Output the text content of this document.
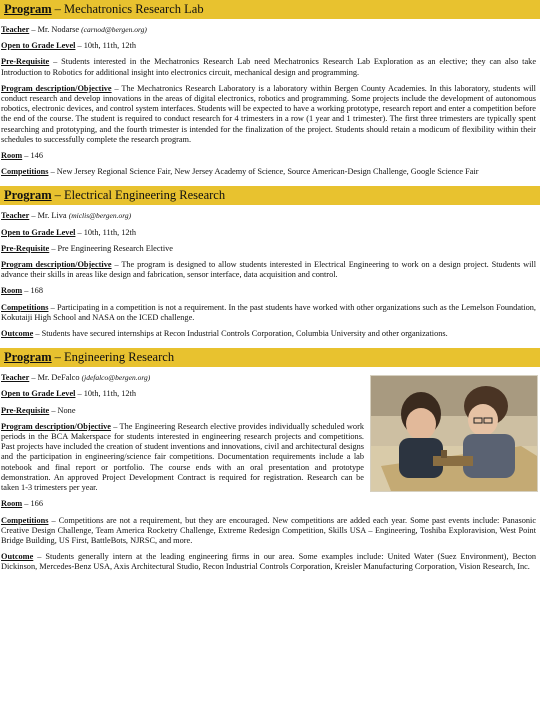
Program –
Mechatronics Research Lab

Teacher – Mr. Nodarse (carnod@bergen.org)

Open to Grade Level – 10th, 11th, 12th

Pre-Requisite – Students interested in the Mechatronics Research Lab need Mechatronics Research Lab Exploration as an elective; they can also take Introduction to Robotics for additional insight into electronics circuit, mechanical design and programming.

Program description/Objective – The Mechatronics Research Laboratory is a laboratory within Bergen County Academies. In this laboratory, students will conduct research and develop innovations in the areas of digital electronics, robotics and programming. Some projects include the development of autonomous robotics, electronic devices, and control system interfaces. Students will be expected to have a working prototype, research report and enter a competition before the end of the course. The student is required to conduct research for 4 trimesters in a row (1 year and 1 trimester). The first three trimesters are typically spent researching and prototyping, and the fourth trimester is intended for the finalization of the project. Students should retain a modicum of flexibility within their schedules to successfully complete the research program.

Room – 146

Competitions – New Jersey Regional Science Fair, New Jersey Academy of Science, Source American-Design Challenge, Google Science Fair

Program –
Electrical Engineering Research

Teacher – Mr. Liva (miclis@bergen.org)

Open to Grade Level – 10th, 11th, 12th

Pre-Requisite – Pre Engineering Research Elective

Program description/Objective – The program is designed to allow students interested in Electrical Engineering to work on a design project. Students will advance their skills in areas like design and fabrication, sensor interface, data acquisition and control.

Room – 168

Competitions – Participating in a competition is not a requirement. In the past students have worked with other organizations such as the Lemelson Foundation, Kokutaiji High School and NASA on the ICED challenge.

Outcome – Students have secured internships at Recon Industrial Controls Corporation, Columbia University and other organizations.

Program –
Engineering Research

Teacher – Mr. DeFalco (jdefalco@bergen.org)

Open to Grade Level – 10th, 11th, 12th

Pre-Requisite – None

Program description/Objective – The Engineering Research elective provides individually scheduled work periods in the BCA Makerspace for students interested in engineering research projects and competitions. Past projects have included the creation of student inventions and innovations, civil and architectural designs and the participation in engineering/science fair competitions. Documentation requirements include a lab notebook and final report or portfolio. The course ends with an oral presentation and prototype demonstration. An approved Project Development Contract is required for registration. Research can be taken 1-3 trimesters per year.

Room – 166

Competitions – Competitions are not a requirement, but they are encouraged. New competitions are added each year. Some past events include: Panasonic Creative Design Challenge, Team America Rocketry Challenge, Extreme Redesign Competition, Skills USA – Engineering, Toshiba Exploravision, West Point Bridge Building, US First, BattleBots, NJRSC, and more.

Outcome – Students generally intern at the leading engineering firms in our area. Some examples include: United Water (Suez Environment), Becton Dickinson, Mercedes-Benz USA, Axis Architectural Studio, Recon Industrial Controls Corporation, Kreisler Manufacturing Corporation, Vision Research, Inc.
